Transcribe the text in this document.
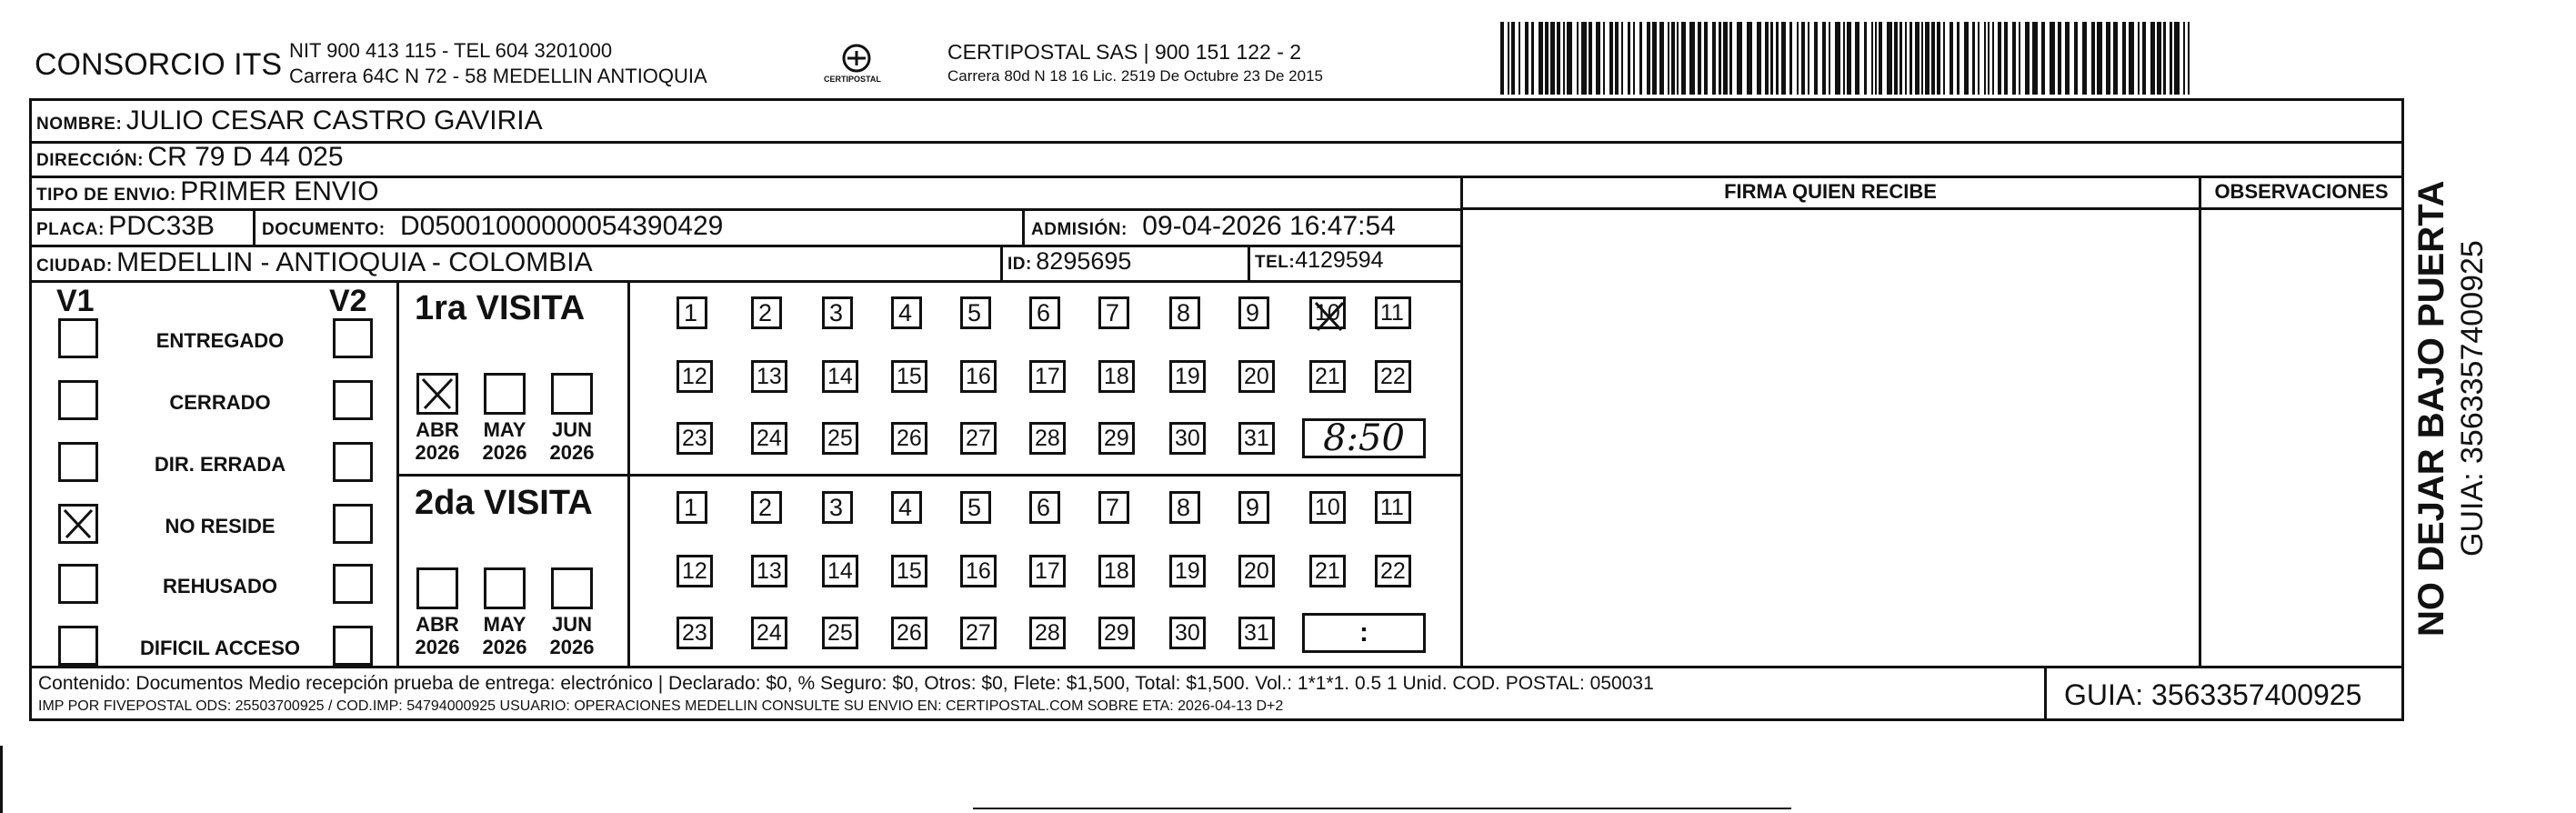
CONSORCIO ITS NIT 900 413 115 - TEL 604 3201000
Carrera 64C N 72 - 58 MEDELLIN ANTIOQUIA	CERTIPOSTAL
CERTIPOSTAL SAS | 900 151 122 - 2
Carrera 80d N 18 16 Lic. 2519 De Octubre 23 De 2015
NOMBRE: JULIO CESAR CASTRO GAVIRIA
DIRECCIÓN: CR 79 D 44 025
TIPO DE ENVIO: PRIMER ENVIO
PLACA: PDC33B	DOCUMENTO: D05001000000054390429	ADMISIÓN: 09-04-2026 16:47:54
CIUDAD: MEDELLIN - ANTIOQUIA - COLOMBIA	ID: 8295695	TEL:4129594
FIRMA QUIEN RECIBE	OBSERVACIONES
V1	V2
ENTREGADO
CERRADO
DIR. ERRADA
NO RESIDE
REHUSADO
DIFICIL ACCESO
1ra VISITA
2da VISITA
ABR
2026
MAY
2026
JUN
2026
1	2	3	4	5	6	7	8	9	10 11
12 13 14 15 16 17 18 19 20 21 22
23 24 25 26 27 28 29 30 31	8:50
ABR
2026
MAY
2026
JUN
2026
1	2	3	4	5	6	7	8	9	10 11
12 13 14 15 16 17 18 19 20 21 22
23 24 25 26 27 28 29 30 31	:
Contenido: Documentos Medio recepción prueba de entrega: electrónico | Declarado: $0, % Seguro: $0, Otros: $0, Flete: $1,500, Total: $1,500. Vol.: 1*1*1. 0.5 1 Unid. COD. POSTAL: 050031
IMP POR FIVEPOSTAL ODS: 25503700925 / COD.IMP: 54794000925 USUARIO: OPERACIONES MEDELLIN CONSULTE SU ENVIO EN: CERTIPOSTAL.COM SOBRE ETA: 2026-04-13 D+2	GUIA: 3563357400925
NO DEJAR BAJO PUERTA GUIA: 3563357400925
